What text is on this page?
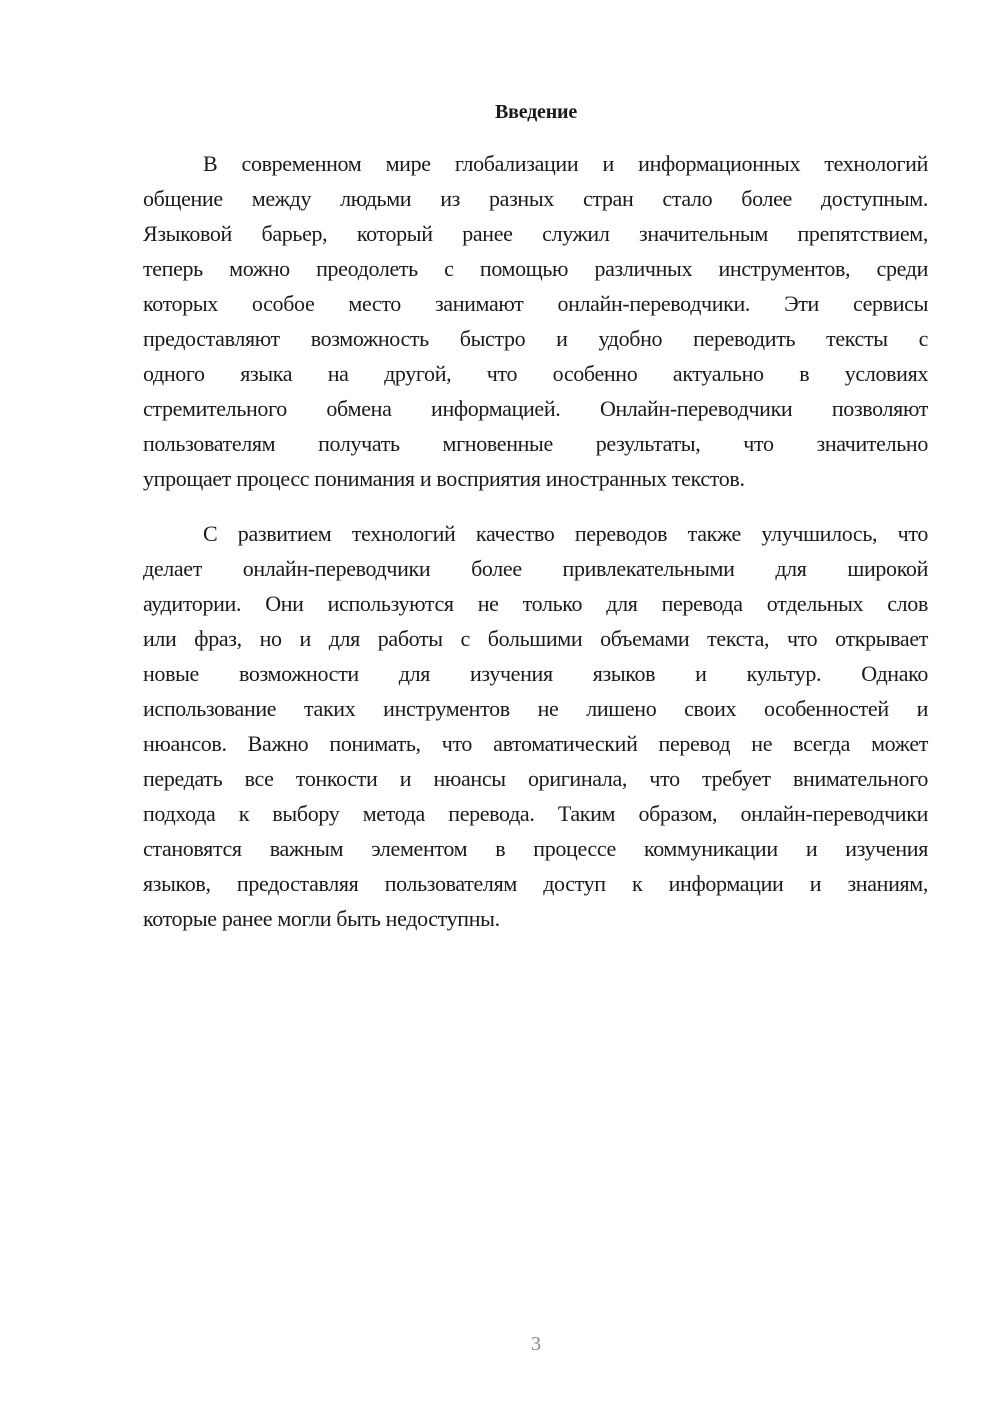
Введение
В современном мире глобализации и информационных технологий
общение между людьми из разных стран стало более доступным.
Языковой барьер, который ранее служил значительным препятствием,
теперь можно преодолеть с помощью различных инструментов, среди
которых особое место занимают онлайн-переводчики. Эти сервисы
предоставляют возможность быстро и удобно переводить тексты с
одного языка на другой, что особенно актуально в условиях
стремительного обмена информацией. Онлайн-переводчики позволяют
пользователям получать мгновенные результаты, что значительно
упрощает процесс понимания и восприятия иностранных текстов.
С развитием технологий качество переводов также улучшилось, что
делает онлайн-переводчики более привлекательными для широкой
аудитории. Они используются не только для перевода отдельных слов
или фраз, но и для работы с большими объемами текста, что открывает
новые возможности для изучения языков и культур. Однако
использование таких инструментов не лишено своих особенностей и
нюансов. Важно понимать, что автоматический перевод не всегда может
передать все тонкости и нюансы оригинала, что требует внимательного
подхода к выбору метода перевода. Таким образом, онлайн-переводчики
становятся важным элементом в процессе коммуникации и изучения
языков, предоставляя пользователям доступ к информации и знаниям,
которые ранее могли быть недоступны.
3
